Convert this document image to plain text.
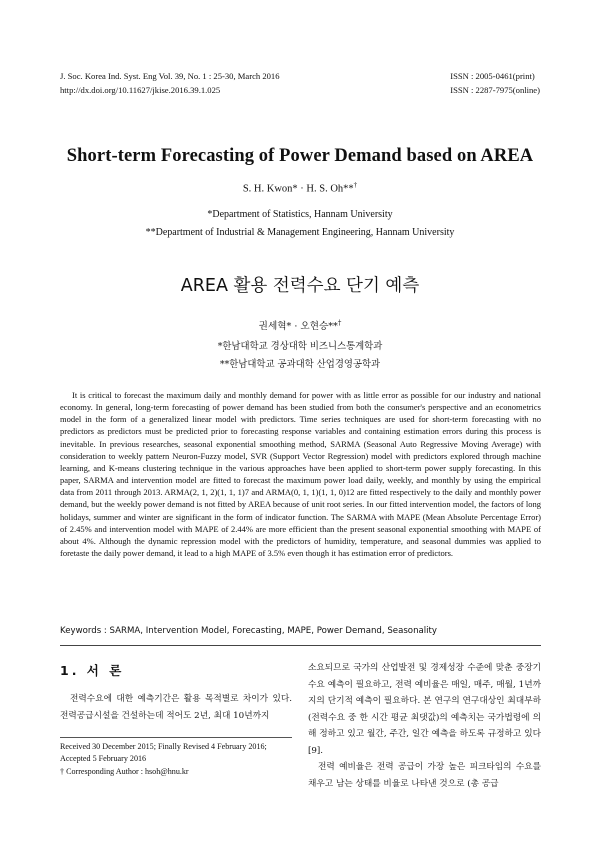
J. Soc. Korea Ind. Syst. Eng Vol. 39, No. 1 : 25-30, March 2016
http://dx.doi.org/10.11627/jkise.2016.39.1.025
ISSN : 2005-0461(print)
ISSN : 2287-7975(online)
Short-term Forecasting of Power Demand based on AREA
S. H. Kwon* · H. S. Oh**†
*Department of Statistics, Hannam University
**Department of Industrial & Management Engineering, Hannam University
AREA 활용 전력수요 단기 예측
권세혁* · 오현승**†
*한남대학교 경상대학 비즈니스통계학과
**한남대학교 공과대학 산업경영공학과

It is critical to forecast the maximum daily and monthly demand for power with as little error as possible for our industry and national economy. In general, long-term forecasting of power demand has been studied from both the consumer's perspective and an econometrics model in the form of a generalized linear model with predictors. Time series techniques are used for short-term forecasting with no predictors as predictors must be predicted prior to forecasting response variables and containing estimation errors during this process is inevitable. In previous researches, seasonal exponential smoothing method, SARMA (Seasonal Auto Regressive Moving Average) with consideration to weekly pattern Neuron-Fuzzy model, SVR (Support Vector Regression) model with predictors explored through machine learning, and K-means clustering technique in the various approaches have been applied to short-term power supply forecasting. In this paper, SARMA and intervention model are fitted to forecast the maximum power load daily, weekly, and monthly by using the empirical data from 2011 through 2013. ARMA(2, 1, 2)(1, 1, 1)7 and ARMA(0, 1, 1)(1, 1, 0)12 are fitted respectively to the daily and monthly power demand, but the weekly power demand is not fitted by AREA because of unit root series. In our fitted intervention model, the factors of long holidays, summer and winter are significant in the form of indicator function. The SARMA with MAPE (Mean Absolute Percentage Error) of 2.45% and intervention model with MAPE of 2.44% are more efficient than the present seasonal exponential smoothing with MAPE of about 4%. Although the dynamic repression model with the predictors of humidity, temperature, and seasonal dummies was applied to foretaste the daily power demand, it lead to a high MAPE of 3.5% even though it has estimation error of predictors.

Keywords : SARMA, Intervention Model, Forecasting, MAPE, Power Demand, Seasonality
1. 서 론

전력수요에 대한 예측기간은 활용 목적별로 차이가 있다. 전력공급시설을 건설하는데 적어도 2년, 최대 10년까지

소요되므로 국가의 산업발전 및 경제성장 수준에 맞춘 중장기 수요 예측이 필요하고, 전력 예비율은 매일, 매주, 매월, 1년까지의 단기적 예측이 필요하다. 본 연구의 연구대상인 최대부하(전력수요 중 한 시간 평균 최댓값)의 예측치는 국가법령에 의해 정하고 있고 월간, 주간, 일간 예측을 하도록 규정하고 있다[9].

전력 예비율은 전력 공급이 가장 높은 피크타임의 수요를 채우고 남는 상태를 비율로 나타낸 것으로 (총 공급

Received 30 December 2015; Finally Revised 4 February 2016;
Accepted 5 February 2016
† Corresponding Author : hsoh@hnu.kr
